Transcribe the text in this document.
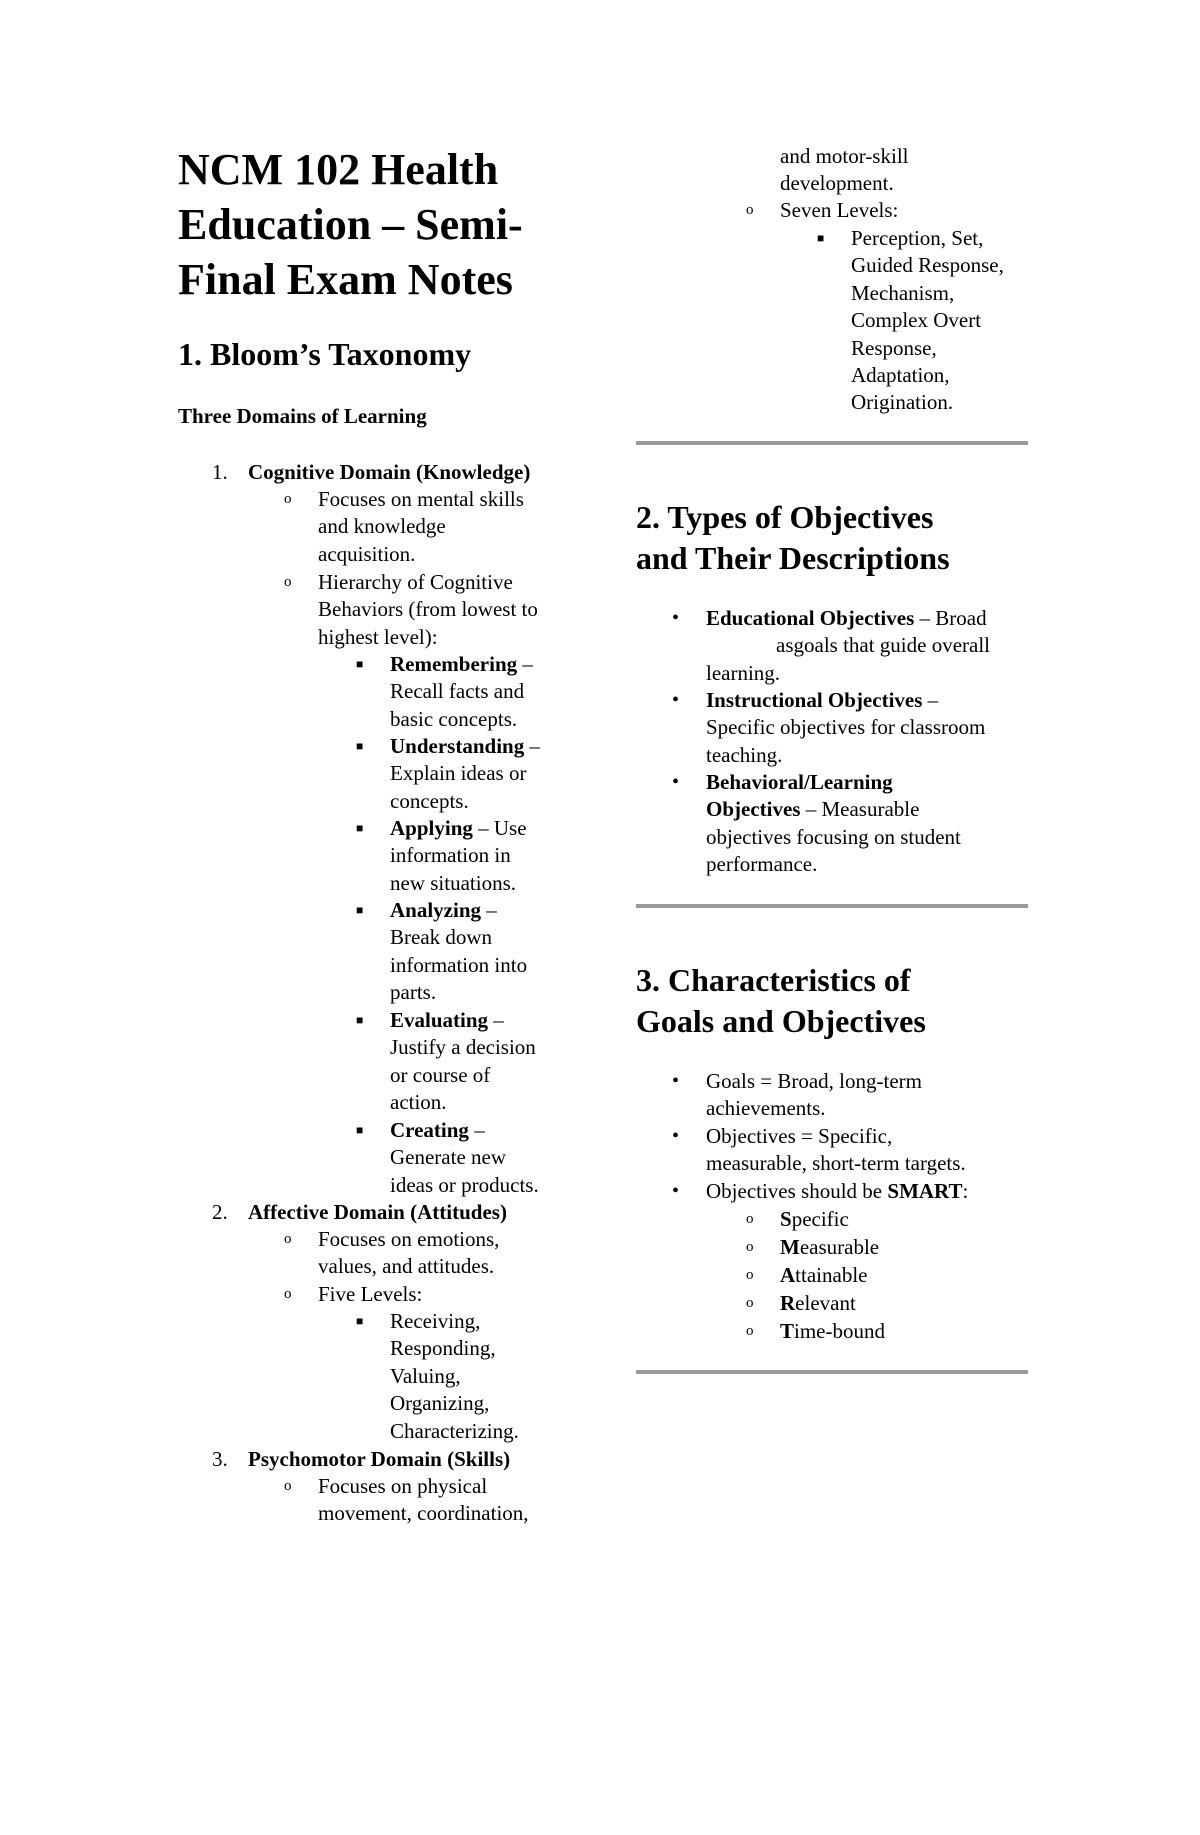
NCM 102 Health Education – Semi-Final Exam Notes
1. Bloom’s Taxonomy
Three Domains of Learning
1. Cognitive Domain (Knowledge)
o Focuses on mental skills
and knowledge
acquisition.
o Hierarchy of Cognitive
Behaviors (from lowest to
highest level):
■ Remembering –
Recall facts and
basic concepts.
■ Understanding –
Explain ideas or
concepts.
■ Applying – Use
information in
new situations.
■ Analyzing –
Break down
information into
parts.
■ Evaluating –
Justify a decision
or course of
action.
■ Creating –
Generate new
ideas or products.
2. Affective Domain (Attitudes)
o Focuses on emotions,
values, and attitudes.
o Five Levels:
■ Receiving,
Responding,
Valuing,
Organizing,
Characterizing.
3. Psychomotor Domain (Skills)
o Focuses on physical
movement, coordination,
and motor-skill
development.
o Seven Levels:
■ Perception, Set,
Guided Response,
Mechanism,
Complex Overt
Response,
Adaptation,
Origination.
2. Types of Objectives
and Their Descriptions
• Educational Objectives – Broad
asgoals that guide overall
learning.
• Instructional Objectives –
Specific objectives for classroom
teaching.
• Behavioral/Learning
Objectives – Measurable
objectives focusing on student
performance.
3. Characteristics of
Goals and Objectives
• Goals = Broad, long-term
achievements.
• Objectives = Specific,
measurable, short-term targets.
• Objectives should be SMART:
o Specific
o Measurable
o Attainable
o Relevant
o Time-bound
